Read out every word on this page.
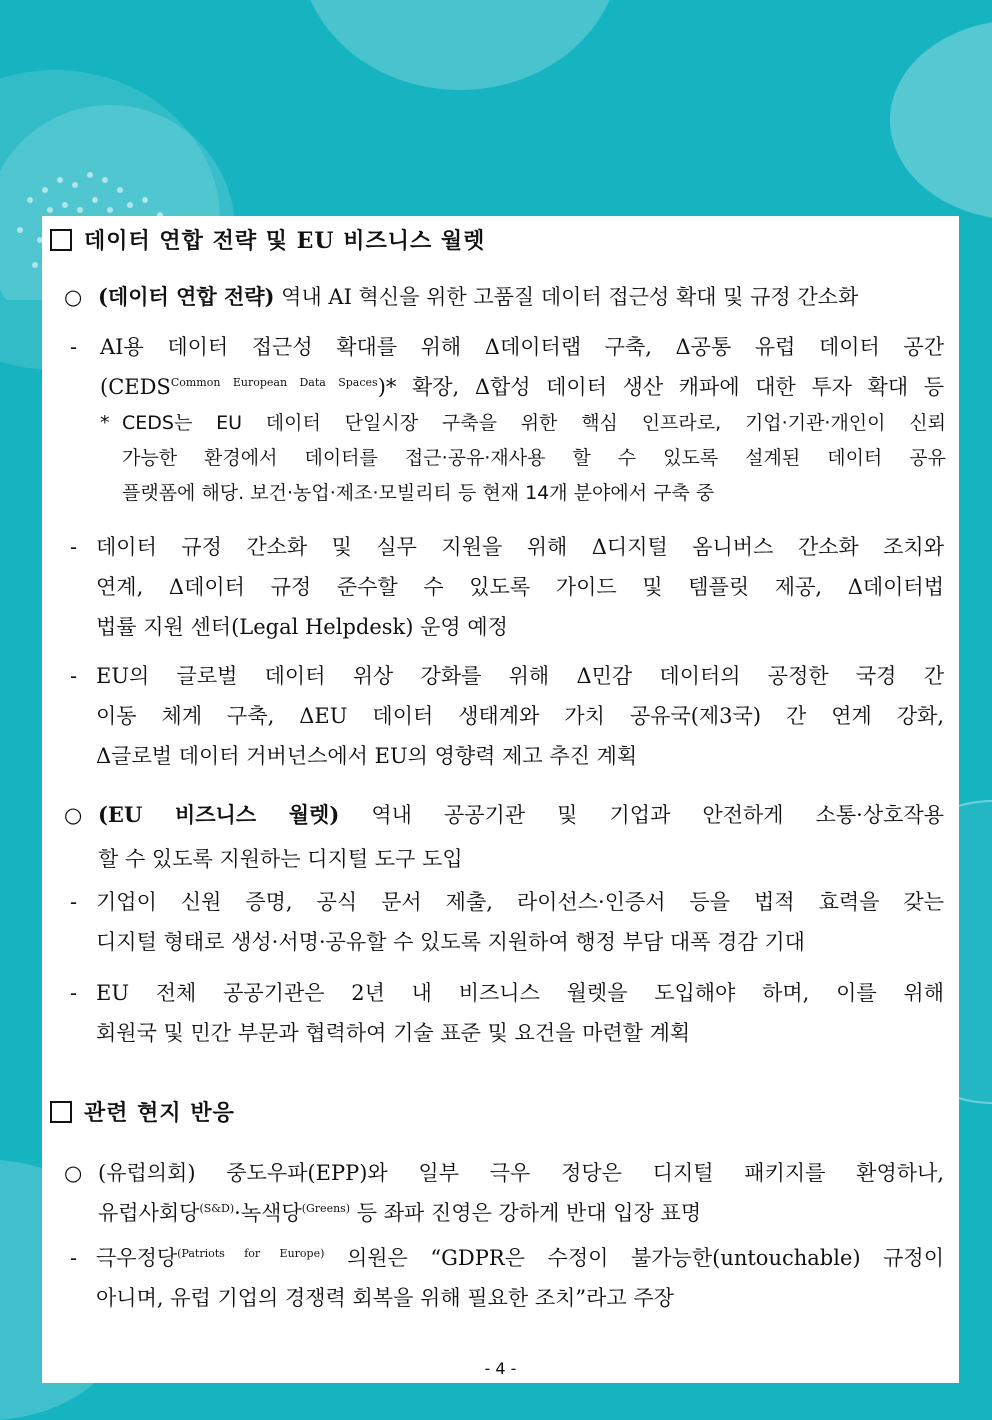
데이터 연합 전략 및 EU 비즈니스 월렛
○ (데이터 연합 전략) 역내 AI 혁신을 위한 고품질 데이터 접근성 확대 및 규정 간소화
- AI용 데이터 접근성 확대를 위해 Δ데이터랩 구축, Δ공통 유럽 데이터 공간
$(CEDS^{Common European Data Spaces})*$ 확장, Δ합성 데이터 생산 캐파에 대한 투자 확대 등
* CEDS는 EU 데이터 단일시장 구축을 위한 핵심 인프라로, 기업·기관·개인이 신뢰
가능한 환경에서 데이터를 접근·공유·재사용 할 수 있도록 설계된 데이터 공유
플랫폼에 해당. 보건·농업·제조·모빌리티 등 현재 14개 분야에서 구축 중
- 데이터 규정 간소화 및 실무 지원을 위해 Δ디지털 옴니버스 간소화 조치와
연계, Δ데이터 규정 준수할 수 있도록 가이드 및 템플릿 제공, Δ데이터법
법률 지원 센터(Legal Helpdesk) 운영 예정
- EU의 글로벌 데이터 위상 강화를 위해 Δ민감 데이터의 공정한 국경 간
이동 체계 구축, ΔEU 데이터 생태계와 가치 공유국(제3국) 간 연계 강화,
Δ글로벌 데이터 거버넌스에서 EU의 영향력 제고 추진 계획
○ (EU 비즈니스 월렛) 역내 공공기관 및 기업과 안전하게 소통·상호작용
할 수 있도록 지원하는 디지털 도구 도입
- 기업이 신원 증명, 공식 문서 제출, 라이선스·인증서 등을 법적 효력을 갖는
디지털 형태로 생성·서명·공유할 수 있도록 지원하여 행정 부담 대폭 경감 기대
- EU 전체 공공기관은 2년 내 비즈니스 월렛을 도입해야 하며, 이를 위해
회원국 및 민간 부문과 협력하여 기술 표준 및 요건을 마련할 계획
관련 현지 반응
○ (유럽의회) 중도우파(EPP)와 일부 극우 정당은 디지털 패키지를 환영하나,
유럽사회당$^{(S\&D)}$·녹색당$^{(Greens)}$ 등 좌파 진영은 강하게 반대 입장 표명
- 극우정당$^{(Patriots for Europe)}$ 의원은 “GDPR은 수정이 불가능한(untouchable) 규정이
아니며, 유럽 기업의 경쟁력 회복을 위해 필요한 조치”라고 주장
- 4 -
